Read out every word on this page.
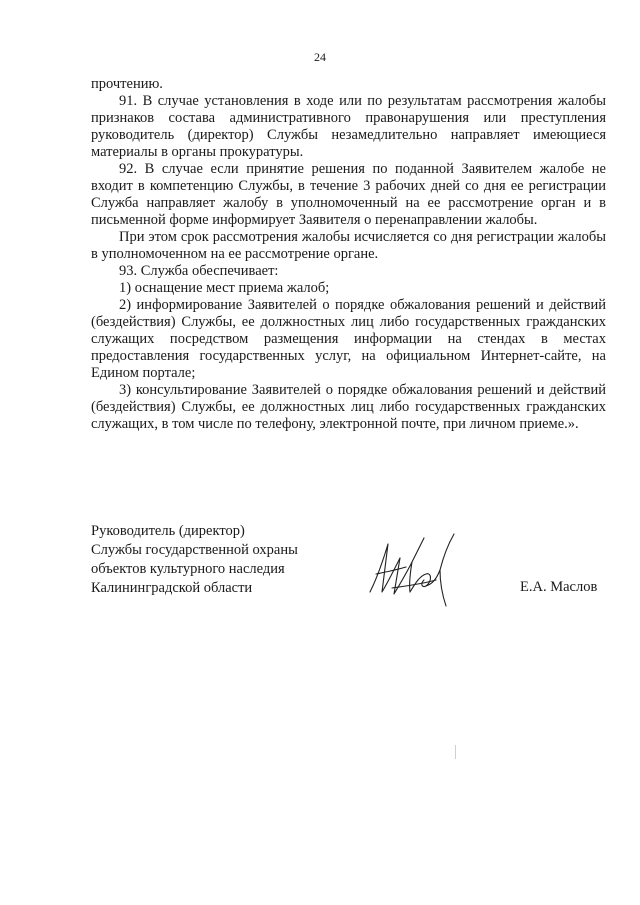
24

прочтению.

91. В случае установления в ходе или по результатам рассмотрения жалобы признаков состава административного правонарушения или преступления руководитель (директор) Службы незамедлительно направляет имеющиеся материалы в органы прокуратуры.

92. В случае если принятие решения по поданной Заявителем жалобе не входит в компетенцию Службы, в течение 3 рабочих дней со дня ее регистрации Служба направляет жалобу в уполномоченный на ее рассмотрение орган и в письменной форме информирует Заявителя о перенаправлении жалобы.

При этом срок рассмотрения жалобы исчисляется со дня регистрации жалобы в уполномоченном на ее рассмотрение органе.

93. Служба обеспечивает:

1) оснащение мест приема жалоб;

2) информирование Заявителей о порядке обжалования решений и действий (бездействия) Службы, ее должностных лиц либо государственных гражданских служащих посредством размещения информации на стендах в местах предоставления государственных услуг, на официальном Интернет-сайте, на Едином портале;

3) консультирование Заявителей о порядке обжалования решений и действий (бездействия) Службы, ее должностных лиц либо государственных гражданских служащих, в том числе по телефону, электронной почте, при личном приеме.».

Руководитель (директор)
Службы государственной охраны
объектов культурного наследия
Калининградской области	Е.А. Маслов
